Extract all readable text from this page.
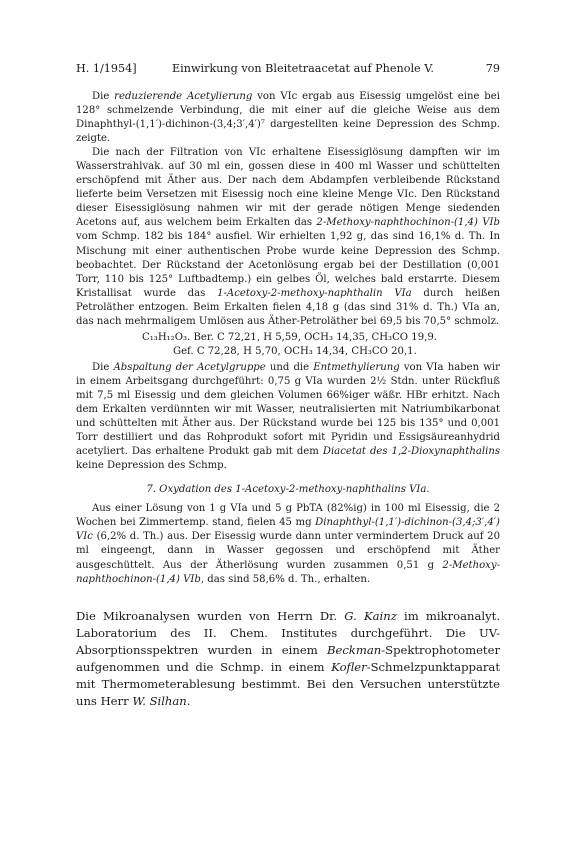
H. 1/1954]	Einwirkung von Bleitetraacetat auf Phenole V.	79

Die reduzierende Acetylierung von VIc ergab aus Eisessig umgelöst eine bei 128° schmelzende Verbindung, die mit einer auf die gleiche Weise aus dem Dinaphthyl-(1,1′)-dichinon-(3,4;3′,4′)⁷ dargestellten keine Depression des Schmp. zeigte.

Die nach der Filtration von VIc erhaltene Eisessiglösung dampften wir im Wasserstrahlvak. auf 30 ml ein, gossen diese in 400 ml Wasser und schüttelten erschöpfend mit Äther aus. Der nach dem Abdampfen verbleibende Rückstand lieferte beim Versetzen mit Eisessig noch eine kleine Menge VIc. Den Rückstand dieser Eisessiglösung nahmen wir mit der gerade nötigen Menge siedenden Acetons auf, aus welchem beim Erkalten das 2-Methoxy-naphthochinon-(1,4) VIb vom Schmp. 182 bis 184° ausfiel. Wir erhielten 1,92 g, das sind 16,1% d. Th. In Mischung mit einer authentischen Probe wurde keine Depression des Schmp. beobachtet. Der Rückstand der Acetonlösung ergab bei der Destillation (0,001 Torr, 110 bis 125° Luftbadtemp.) ein gelbes Öl, welches bald erstarrte. Diesem Kristallisat wurde das 1-Acetoxy-2-methoxy-naphthalin VIa durch heißen Petroläther entzogen. Beim Erkalten fielen 4,18 g (das sind 31% d. Th.) VIa an, das nach mehrmaligem Umlösen aus Äther-Petroläther bei 69,5 bis 70,5° schmolz.

C₁₃H₁₂O₃. Ber. C 72,21, H 5,59, OCH₃ 14,35, CH₃CO 19,9.
Gef. C 72,28, H 5,70, OCH₃ 14,34, CH₃CO 20,1.

Die Abspaltung der Acetylgruppe und die Entmethylierung von VIa haben wir in einem Arbeitsgang durchgeführt: 0,75 g VIa wurden 2½ Stdn. unter Rückfluß mit 7,5 ml Eisessig und dem gleichen Volumen 66%iger wäßr. HBr erhitzt. Nach dem Erkalten verdünnten wir mit Wasser, neutralisierten mit Natriumbikarbonat und schüttelten mit Äther aus. Der Rückstand wurde bei 125 bis 135° und 0,001 Torr destilliert und das Rohprodukt sofort mit Pyridin und Essigsäureanhydrid acetyliert. Das erhaltene Produkt gab mit dem Diacetat des 1,2-Dioxynaphthalins keine Depression des Schmp.

7. Oxydation des 1-Acetoxy-2-methoxy-naphthalins VIa.

Aus einer Lösung von 1 g VIa und 5 g PbTA (82%ig) in 100 ml Eisessig, die 2 Wochen bei Zimmertemp. stand, fielen 45 mg Dinaphthyl-(1,1′)-dichinon-(3,4;3′,4′) VIc (6,2% d. Th.) aus. Der Eisessig wurde dann unter vermindertem Druck auf 20 ml eingeengt, dann in Wasser gegossen und erschöpfend mit Äther ausgeschüttelt. Aus der Ätherlösung wurden zusammen 0,51 g 2-Methoxy-naphthochinon-(1,4) VIb, das sind 58,6% d. Th., erhalten.

Die Mikroanalysen wurden von Herrn Dr. G. Kainz im mikroanalyt. Laboratorium des II. Chem. Institutes durchgeführt. Die UV-Absorptionsspektren wurden in einem Beckman-Spektrophotometer aufgenommen und die Schmp. in einem Kofler-Schmelzpunktapparat mit Thermometerablesung bestimmt. Bei den Versuchen unterstützte uns Herr W. Silhan.
